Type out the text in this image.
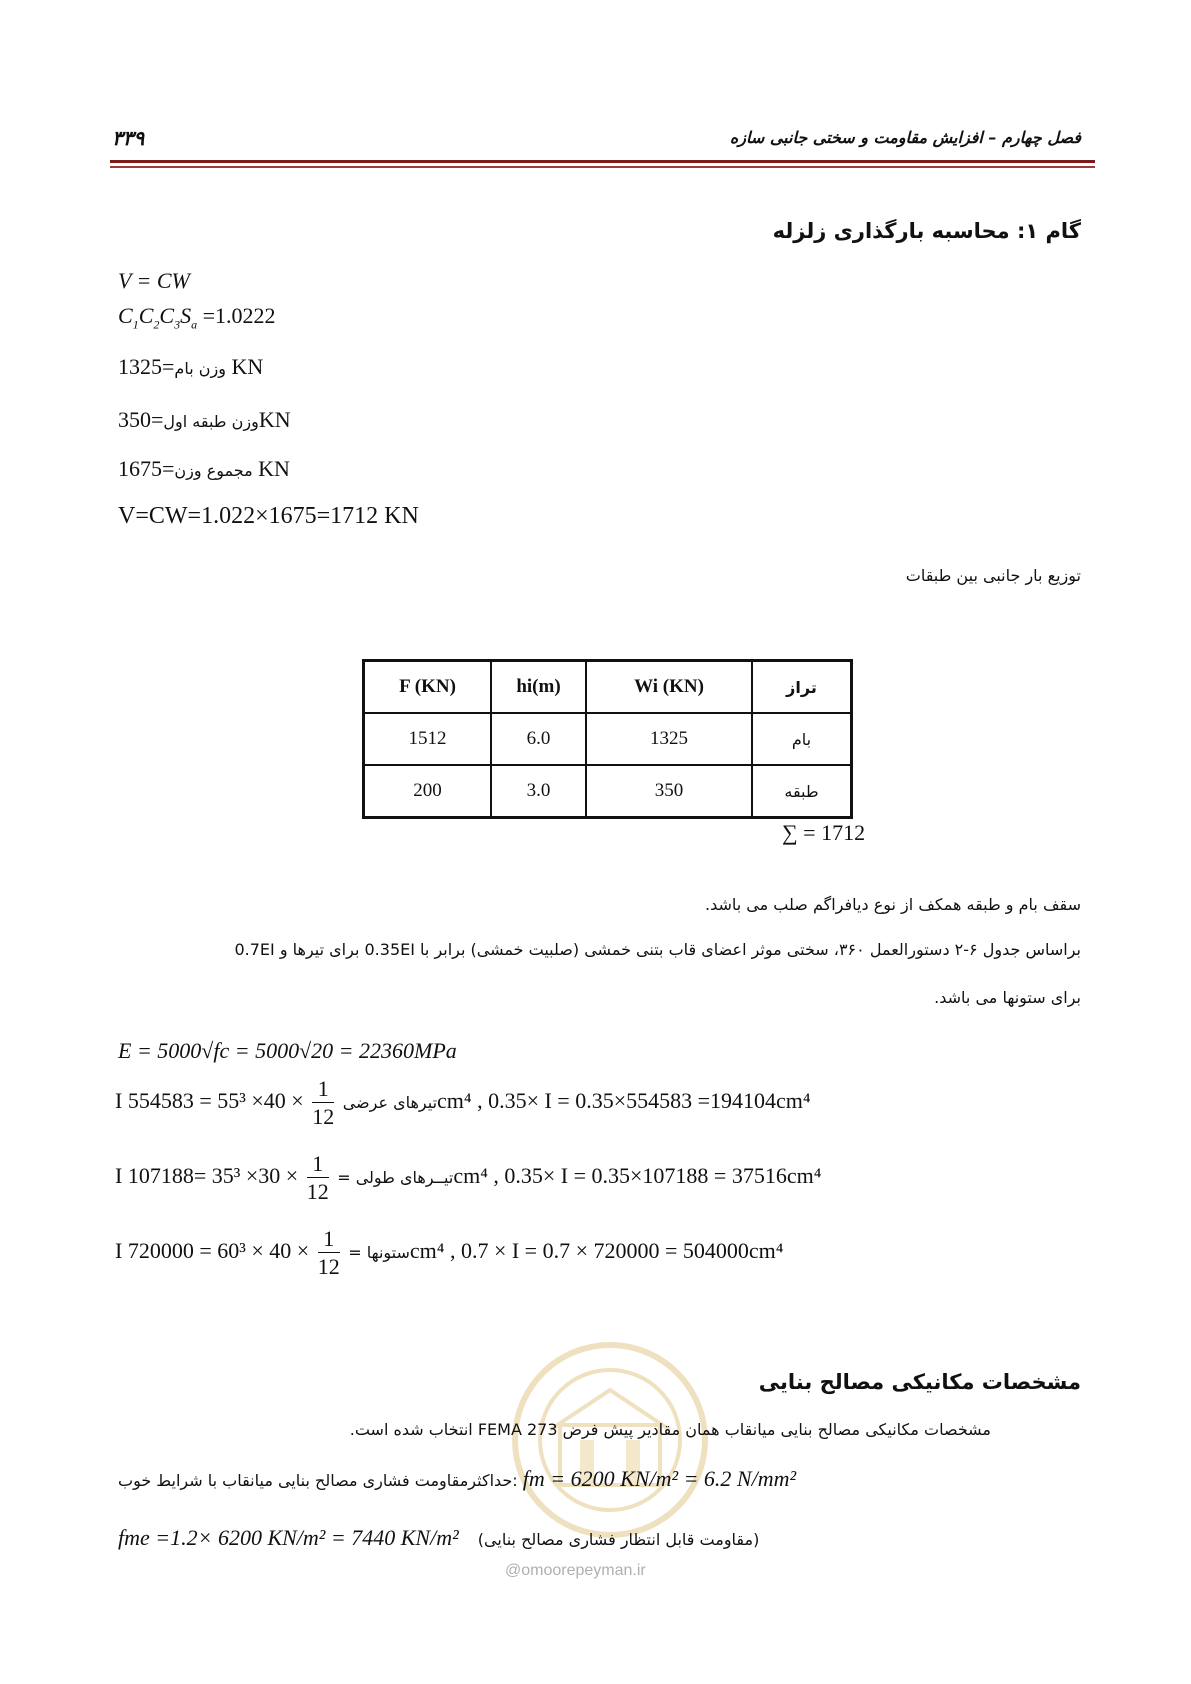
۳۳۹	فصل چهارم – افزایش مقاومت و سختی جانبی سازه
گام ۱: محاسبه بارگذاری زلزله
V = CW
$C_1C_2C_3S_a =1.0222$
وزن بام=1325 KN
وزن طبقه اول=350KN
مجموع وزن=1675 KN
V=CW=1.022×1675=1712 KN
توزیع بار جانبی بین طبقات
F (KN)	hi(m)	Wi (KN)	تراز
1512	6.0	1325	بام
200	3.0	350	طبقه
∑ = 1712
سقف بام و طبقه همکف از نوع دیافراگم صلب می باشد.
براساس جدول ۶-۲ دستورالعمل ۳۶۰، سختی موثر اعضای قاب بتنی خمشی (صلبیت خمشی) برابر با 0.35EI برای تیرها و 0.7EI
برای ستونها می باشد.
E = 5000√fc = 5000√20 = 22360MPa
I	تیرهای عرضی
$\frac{1}{12}$
× 40× 55³ = 554583cm⁴ , 0.35× I = 0.35×554583 =194104cm⁴
I	تیــرهای طولی =
$\frac{1}{12}$
× 30× 35³ =107188cm⁴ , 0.35× I = 0.35×107188 = 37516cm⁴
I	ستونها =
$\frac{1}{12}$
× 40 × 60³ = 720000cm⁴ , 0.7 × I = 0.7 × 720000 = 504000cm⁴
@omoorepeyman.ir
مشخصات مکانیکی مصالح بنایی
مشخصات مکانیکی مصالح بنایی میانقاب همان مقادیر پیش فرض FEMA 273 انتخاب شده است.
حداکثرمقاومت فشاری مصالح بنایی میانقاب با شرایط خوب: fm = 6200 KN/m² = 6.2 N/mm²
fme =1.2× 6200 KN/m² = 7440 KN/m² (مقاومت قابل انتظار فشاری مصالح بنایی)
